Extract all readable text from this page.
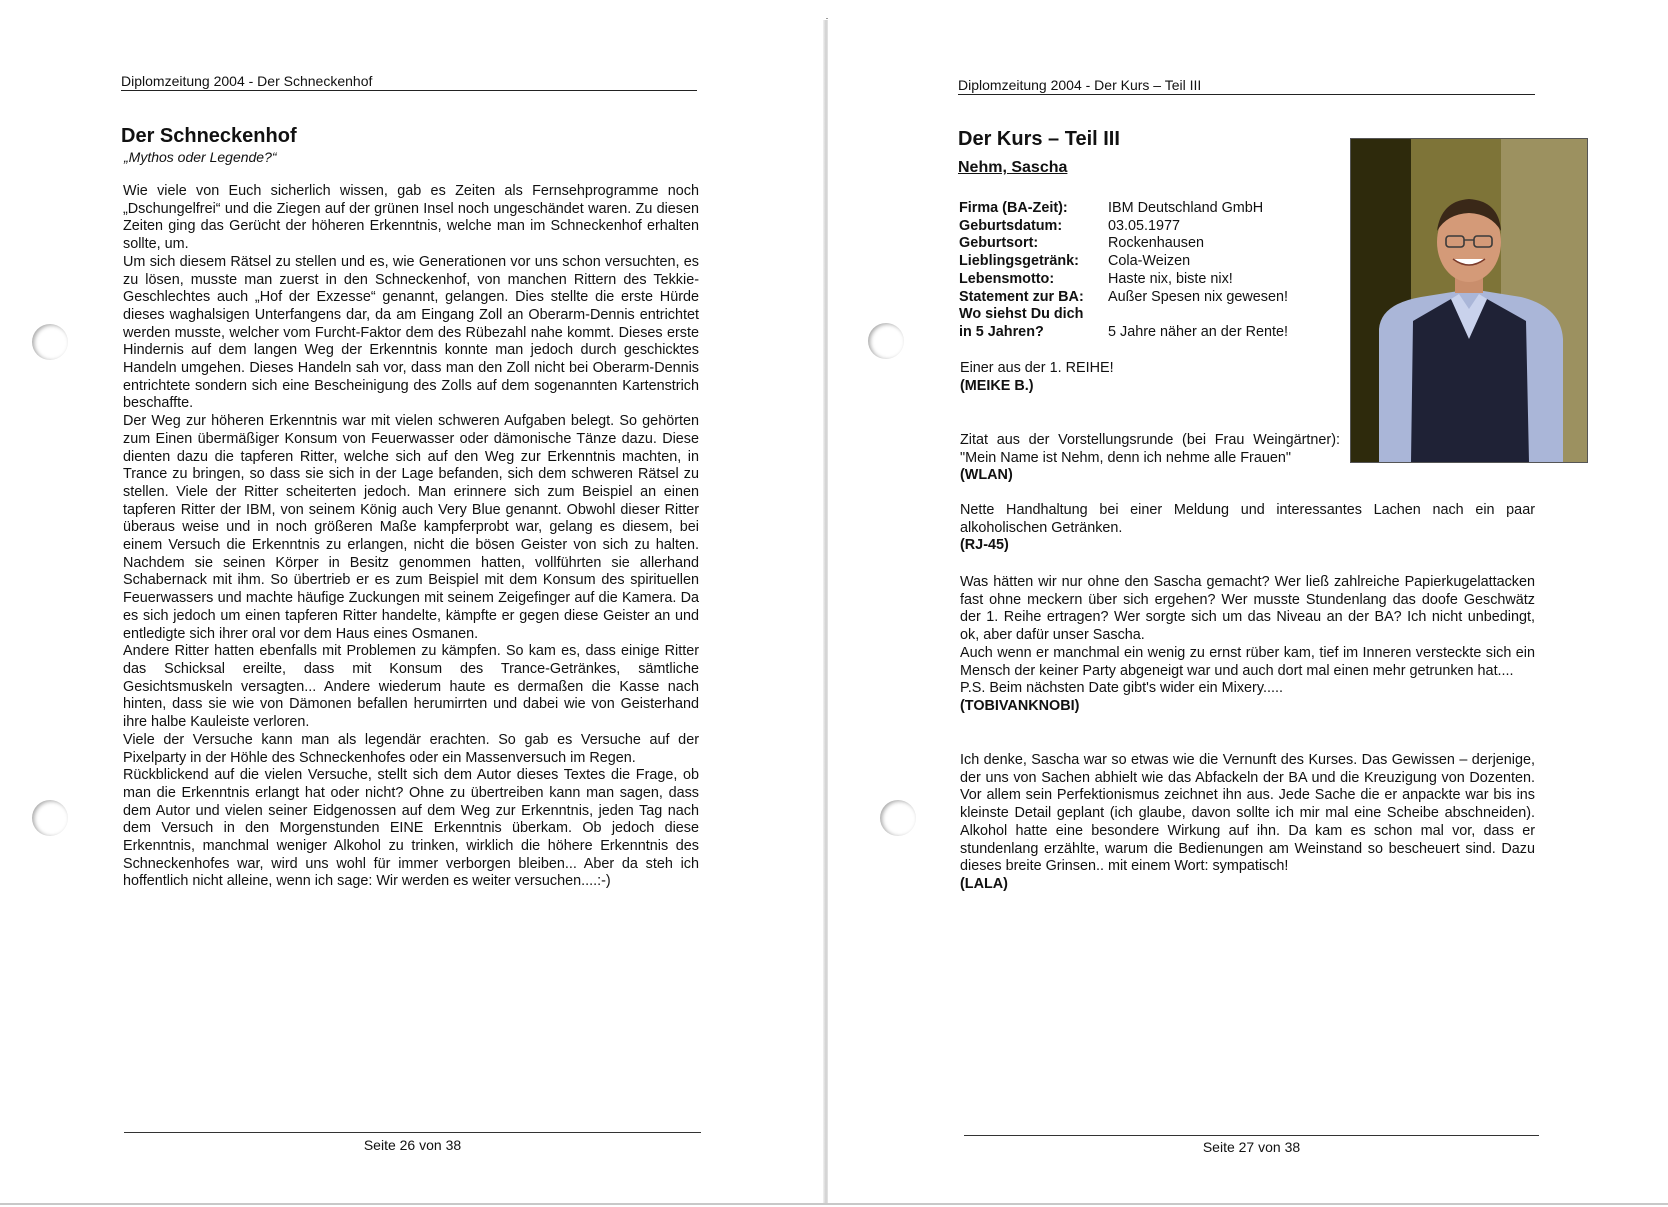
Diplomzeitung 2004 - Der Schneckenhof
Der Schneckenhof
„Mythos oder Legende?“

Wie viele von Euch sicherlich wissen, gab es Zeiten als Fernsehprogramme noch „Dschungelfrei“ und die Ziegen auf der grünen Insel noch ungeschändet waren. Zu diesen Zeiten ging das Gerücht der höheren Erkenntnis, welche man im Schneckenhof erhalten sollte, um.

Um sich diesem Rätsel zu stellen und es, wie Generationen vor uns schon versuchten, es zu lösen, musste man zuerst in den Schneckenhof, von manchen Rittern des Tekkie-Geschlechtes auch „Hof der Exzesse“ genannt, gelangen. Dies stellte die erste Hürde dieses waghalsigen Unterfangens dar, da am Eingang Zoll an Oberarm-Dennis entrichtet werden musste, welcher vom Furcht-Faktor dem des Rübezahl nahe kommt. Dieses erste Hindernis auf dem langen Weg der Erkenntnis konnte man jedoch durch geschicktes Handeln umgehen. Dieses Handeln sah vor, dass man den Zoll nicht bei Oberarm-Dennis entrichtete sondern sich eine Bescheinigung des Zolls auf dem sogenannten Kartenstrich beschaffte.

Der Weg zur höheren Erkenntnis war mit vielen schweren Aufgaben belegt. So gehörten zum Einen übermäßiger Konsum von Feuerwasser oder dämonische Tänze dazu. Diese dienten dazu die tapferen Ritter, welche sich auf den Weg zur Erkenntnis machten, in Trance zu bringen, so dass sie sich in der Lage befanden, sich dem schweren Rätsel zu stellen. Viele der Ritter scheiterten jedoch. Man erinnere sich zum Beispiel an einen tapferen Ritter der IBM, von seinem König auch Very Blue genannt. Obwohl dieser Ritter überaus weise und in noch größeren Maße kampferprobt war, gelang es diesem, bei einem Versuch die Erkenntnis zu erlangen, nicht die bösen Geister von sich zu halten. Nachdem sie seinen Körper in Besitz genommen hatten, vollführten sie allerhand Schabernack mit ihm. So übertrieb er es zum Beispiel mit dem Konsum des spirituellen Feuerwassers und machte häufige Zuckungen mit seinem Zeigefinger auf die Kamera. Da es sich jedoch um einen tapferen Ritter handelte, kämpfte er gegen diese Geister an und entledigte sich ihrer oral vor dem Haus eines Osmanen.

Andere Ritter hatten ebenfalls mit Problemen zu kämpfen. So kam es, dass einige Ritter das Schicksal ereilte, dass mit Konsum des Trance-Getränkes, sämtliche Gesichtsmuskeln versagten... Andere wiederum haute es dermaßen die Kasse nach hinten, dass sie wie von Dämonen befallen herumirrten und dabei wie von Geisterhand ihre halbe Kauleiste verloren.

Viele der Versuche kann man als legendär erachten. So gab es Versuche auf der Pixelparty in der Höhle des Schneckenhofes oder ein Massenversuch im Regen.

Rückblickend auf die vielen Versuche, stellt sich dem Autor dieses Textes die Frage, ob man die Erkenntnis erlangt hat oder nicht? Ohne zu übertreiben kann man sagen, dass dem Autor und vielen seiner Eidgenossen auf dem Weg zur Erkenntnis, jeden Tag nach dem Versuch in den Morgenstunden EINE Erkenntnis überkam. Ob jedoch diese Erkenntnis, manchmal weniger Alkohol zu trinken, wirklich die höhere Erkenntnis des Schneckenhofes war, wird uns wohl für immer verborgen bleiben... Aber da steh ich hoffentlich nicht alleine, wenn ich sage: Wir werden es weiter versuchen....:-)

Seite 26 von 38
Diplomzeitung 2004 - Der Kurs – Teil III
Der Kurs – Teil III
Nehm, Sascha
Firma (BA-Zeit):	IBM Deutschland GmbH
Geburtsdatum:	03.05.1977
Geburtsort:	Rockenhausen
Lieblingsgetränk:	Cola-Weizen
Lebensmotto:	Haste nix, biste nix!
Statement zur BA:	Außer Spesen nix gewesen!
Wo siehst Du dich
in 5 Jahren?	5 Jahre näher an der Rente!
Einer aus der 1. REIHE!
(MEIKE B.)
Zitat aus der Vorstellungsrunde (bei Frau Weingärtner): "Mein Name ist Nehm, denn ich nehme alle Frauen"
(WLAN)
Nette Handhaltung bei einer Meldung und interessantes Lachen nach ein paar alkoholischen Getränken.
(RJ-45)
Was hätten wir nur ohne den Sascha gemacht? Wer ließ zahlreiche Papierkugelattacken fast ohne meckern über sich ergehen? Wer musste Stundenlang das doofe Geschwätz der 1. Reihe ertragen? Wer sorgte sich um das Niveau an der BA? Ich nicht unbedingt, ok, aber dafür unser Sascha.
Auch wenn er manchmal ein wenig zu ernst rüber kam, tief im Inneren versteckte sich ein Mensch der keiner Party abgeneigt war und auch dort mal einen mehr getrunken hat....
P.S. Beim nächsten Date gibt's wider ein Mixery.....
(TOBIVANKNOBI)
Ich denke, Sascha war so etwas wie die Vernunft des Kurses. Das Gewissen – derjenige, der uns von Sachen abhielt wie das Abfackeln der BA und die Kreuzigung von Dozenten. Vor allem sein Perfektionismus zeichnet ihn aus. Jede Sache die er anpackte war bis ins kleinste Detail geplant (ich glaube, davon sollte ich mir mal eine Scheibe abschneiden). Alkohol hatte eine besondere Wirkung auf ihn. Da kam es schon mal vor, dass er stundenlang erzählte, warum die Bedienungen am Weinstand so bescheuert sind. Dazu dieses breite Grinsen.. mit einem Wort: sympatisch!
(LALA)
Seite 27 von 38
